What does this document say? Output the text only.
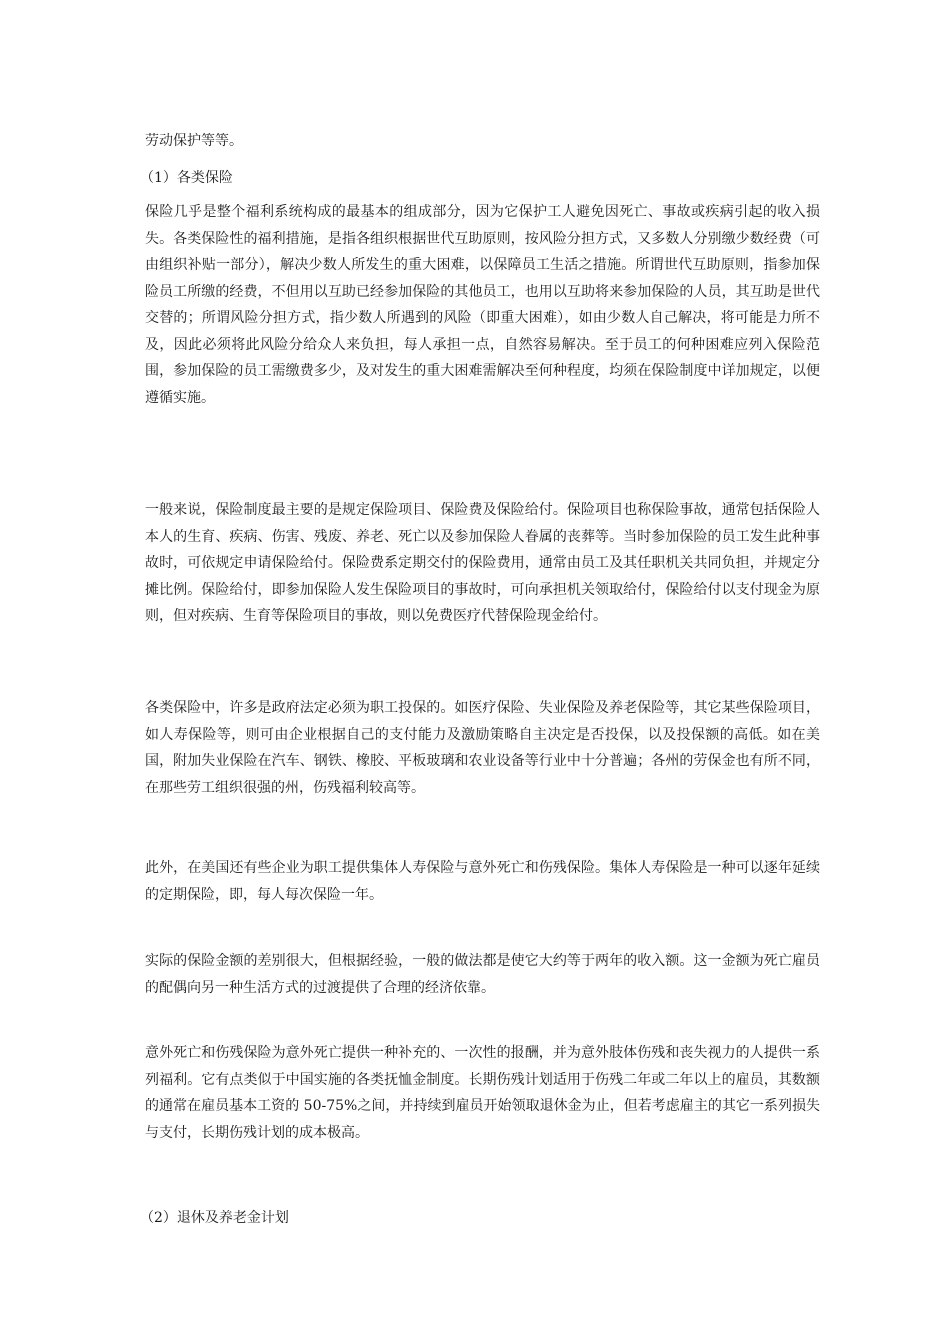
劳动保护等等。

（1）各类保险

保险几乎是整个福利系统构成的最基本的组成部分，因为它保护工人避免因死亡、事故或疾病引起的收入损失。各类保险性的福利措施，是指各组织根据世代互助原则，按风险分担方式，又多数人分别缴少数经费（可由组织补贴一部分），解决少数人所发生的重大困难，以保障员工生活之措施。所谓世代互助原则，指参加保险员工所缴的经费，不但用以互助已经参加保险的其他员工，也用以互助将来参加保险的人员，其互助是世代交替的；所谓风险分担方式，指少数人所遇到的风险（即重大困难），如由少数人自己解决，将可能是力所不及，因此必须将此风险分给众人来负担，每人承担一点，自然容易解决。至于员工的何种困难应列入保险范围，参加保险的员工需缴费多少，及对发生的重大困难需解决至何种程度，均须在保险制度中详加规定，以便遵循实施。

一般来说，保险制度最主要的是规定保险项目、保险费及保险给付。保险项目也称保险事故，通常包括保险人本人的生育、疾病、伤害、残废、养老、死亡以及参加保险人眷属的丧葬等。当时参加保险的员工发生此种事故时，可依规定申请保险给付。保险费系定期交付的保险费用，通常由员工及其任职机关共同负担，并规定分摊比例。保险给付，即参加保险人发生保险项目的事故时，可向承担机关领取给付，保险给付以支付现金为原则，但对疾病、生育等保险项目的事故，则以免费医疗代替保险现金给付。

各类保险中，许多是政府法定必须为职工投保的。如医疗保险、失业保险及养老保险等，其它某些保险项目，如人寿保险等，则可由企业根据自己的支付能力及激励策略自主决定是否投保，以及投保额的高低。如在美国，附加失业保险在汽车、钢铁、橡胶、平板玻璃和农业设备等行业中十分普遍；各州的劳保金也有所不同，在那些劳工组织很强的州，伤残福利较高等。

此外，在美国还有些企业为职工提供集体人寿保险与意外死亡和伤残保险。集体人寿保险是一种可以逐年延续的定期保险，即，每人每次保险一年。

实际的保险金额的差别很大，但根据经验，一般的做法都是使它大约等于两年的收入额。这一金额为死亡雇员的配偶向另一种生活方式的过渡提供了合理的经济依靠。

意外死亡和伤残保险为意外死亡提供一种补充的、一次性的报酬，并为意外肢体伤残和丧失视力的人提供一系列福利。它有点类似于中国实施的各类抚恤金制度。长期伤残计划适用于伤残二年或二年以上的雇员，其数额的通常在雇员基本工资的 50-75%之间，并持续到雇员开始领取退休金为止，但若考虑雇主的其它一系列损失与支付，长期伤残计划的成本极高。

（2）退休及养老金计划
